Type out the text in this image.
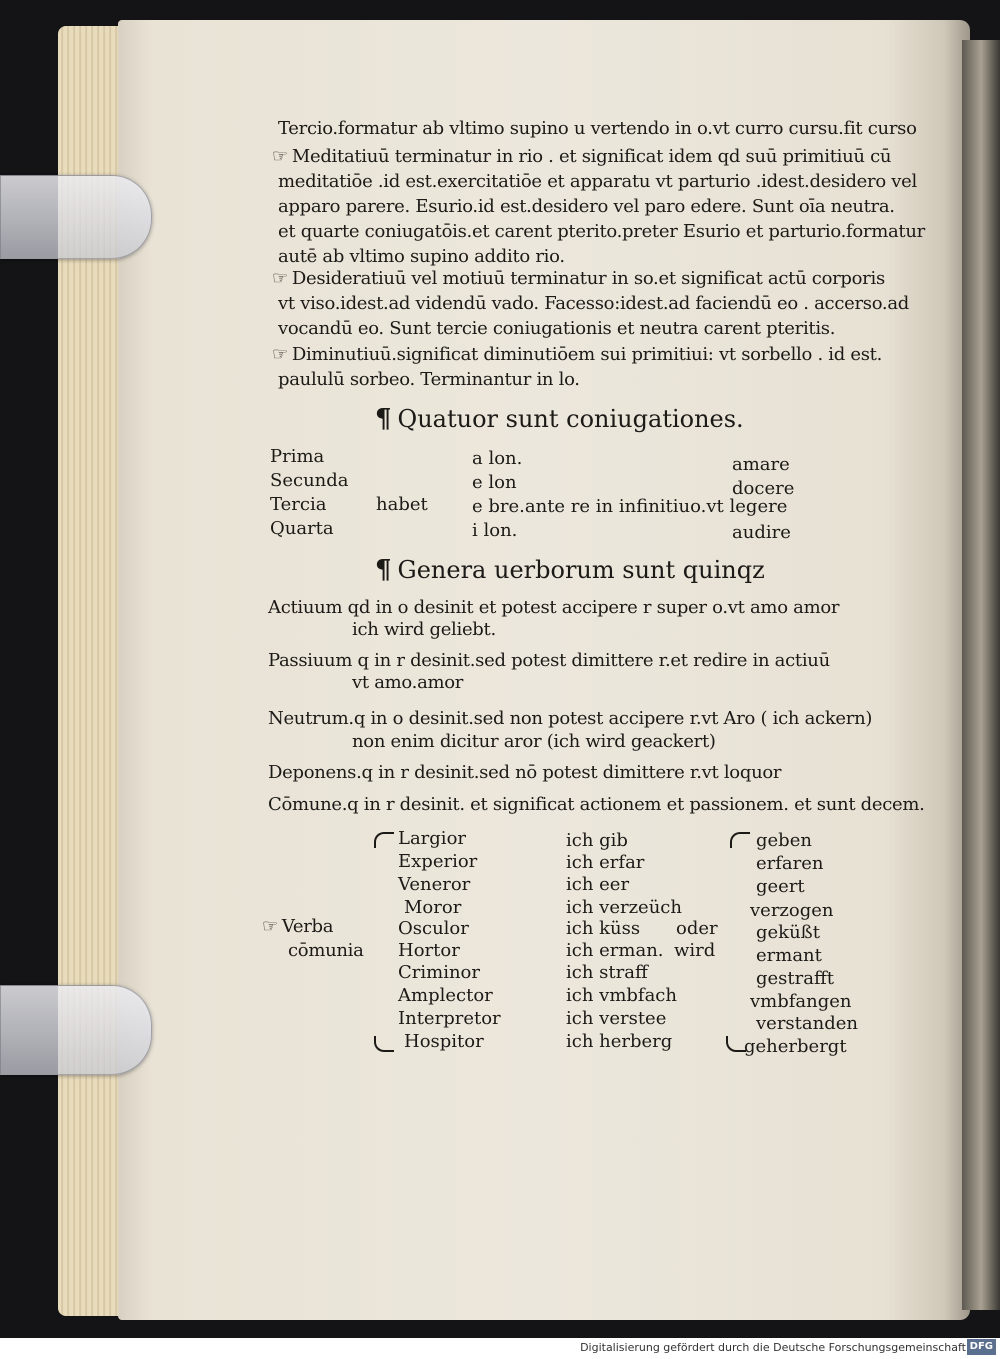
Tercio.formatur ab vltimo supino u vertendo in o.vt curro cursu.fit curso
☞ Meditatiuū terminatur in rio . et significat idem qd suū primitiuū cū
meditatiōe .id est.exercitatiōe et apparatu vt parturio .idest.desidero vel
apparo parere. Esurio.id est.desidero vel paro edere. Sunt oīa neutra.
et quarte coniugatōis.et carent pterito.preter Esurio et parturio.formatur
autē ab vltimo supino addito rio.
☞ Desideratiuū vel motiuū terminatur in so.et significat actū corporis
vt viso.idest.ad videndū vado. Facesso:idest.ad faciendū eo . accerso.ad
vocandū eo. Sunt tercie coniugationis et neutra carent pteritis.
☞ Diminutiuū.significat diminutiōem sui primitiui: vt sorbello . id est.
paululū sorbeo. Terminantur in lo.
¶ Quatuor sunt coniugationes.
Prima
Secunda
Tercia
Quarta
habet
a lon.
e lon
e bre.ante re in infinitiuo.vt legere
i lon.
amare
docere
audire
¶ Genera uerborum sunt quinqz
Actiuum qd in o desinit et potest accipere r super o.vt amo amor
ich wird geliebt.
Passiuum q in r desinit.sed potest dimittere r.et redire in actiuū
vt amo.amor
Neutrum.q in o desinit.sed non potest accipere r.vt Aro ( ich ackern)
non enim dicitur aror (ich wird geackert)
Deponens.q in r desinit.sed nō potest dimittere r.vt loquor
Cōmune.q in r desinit. et significat actionem et passionem. et sunt decem.
☞ Verba
cōmunia
Largior
Experior
Veneror
Moror
Osculor
Hortor
Criminor
Amplector
Interpretor
Hospitor
ich gib
ich erfar
ich eer
ich verzeüch
ich küss
ich erman.
ich straff
ich vmbfach
ich verstee
ich herberg
oder
wird
geben
erfaren
geert
verzogen
geküßt
ermant
gestrafft
vmbfangen
verstanden
geherbergt
Digitalisierung gefördert durch die Deutsche Forschungsgemeinschaft DFG
